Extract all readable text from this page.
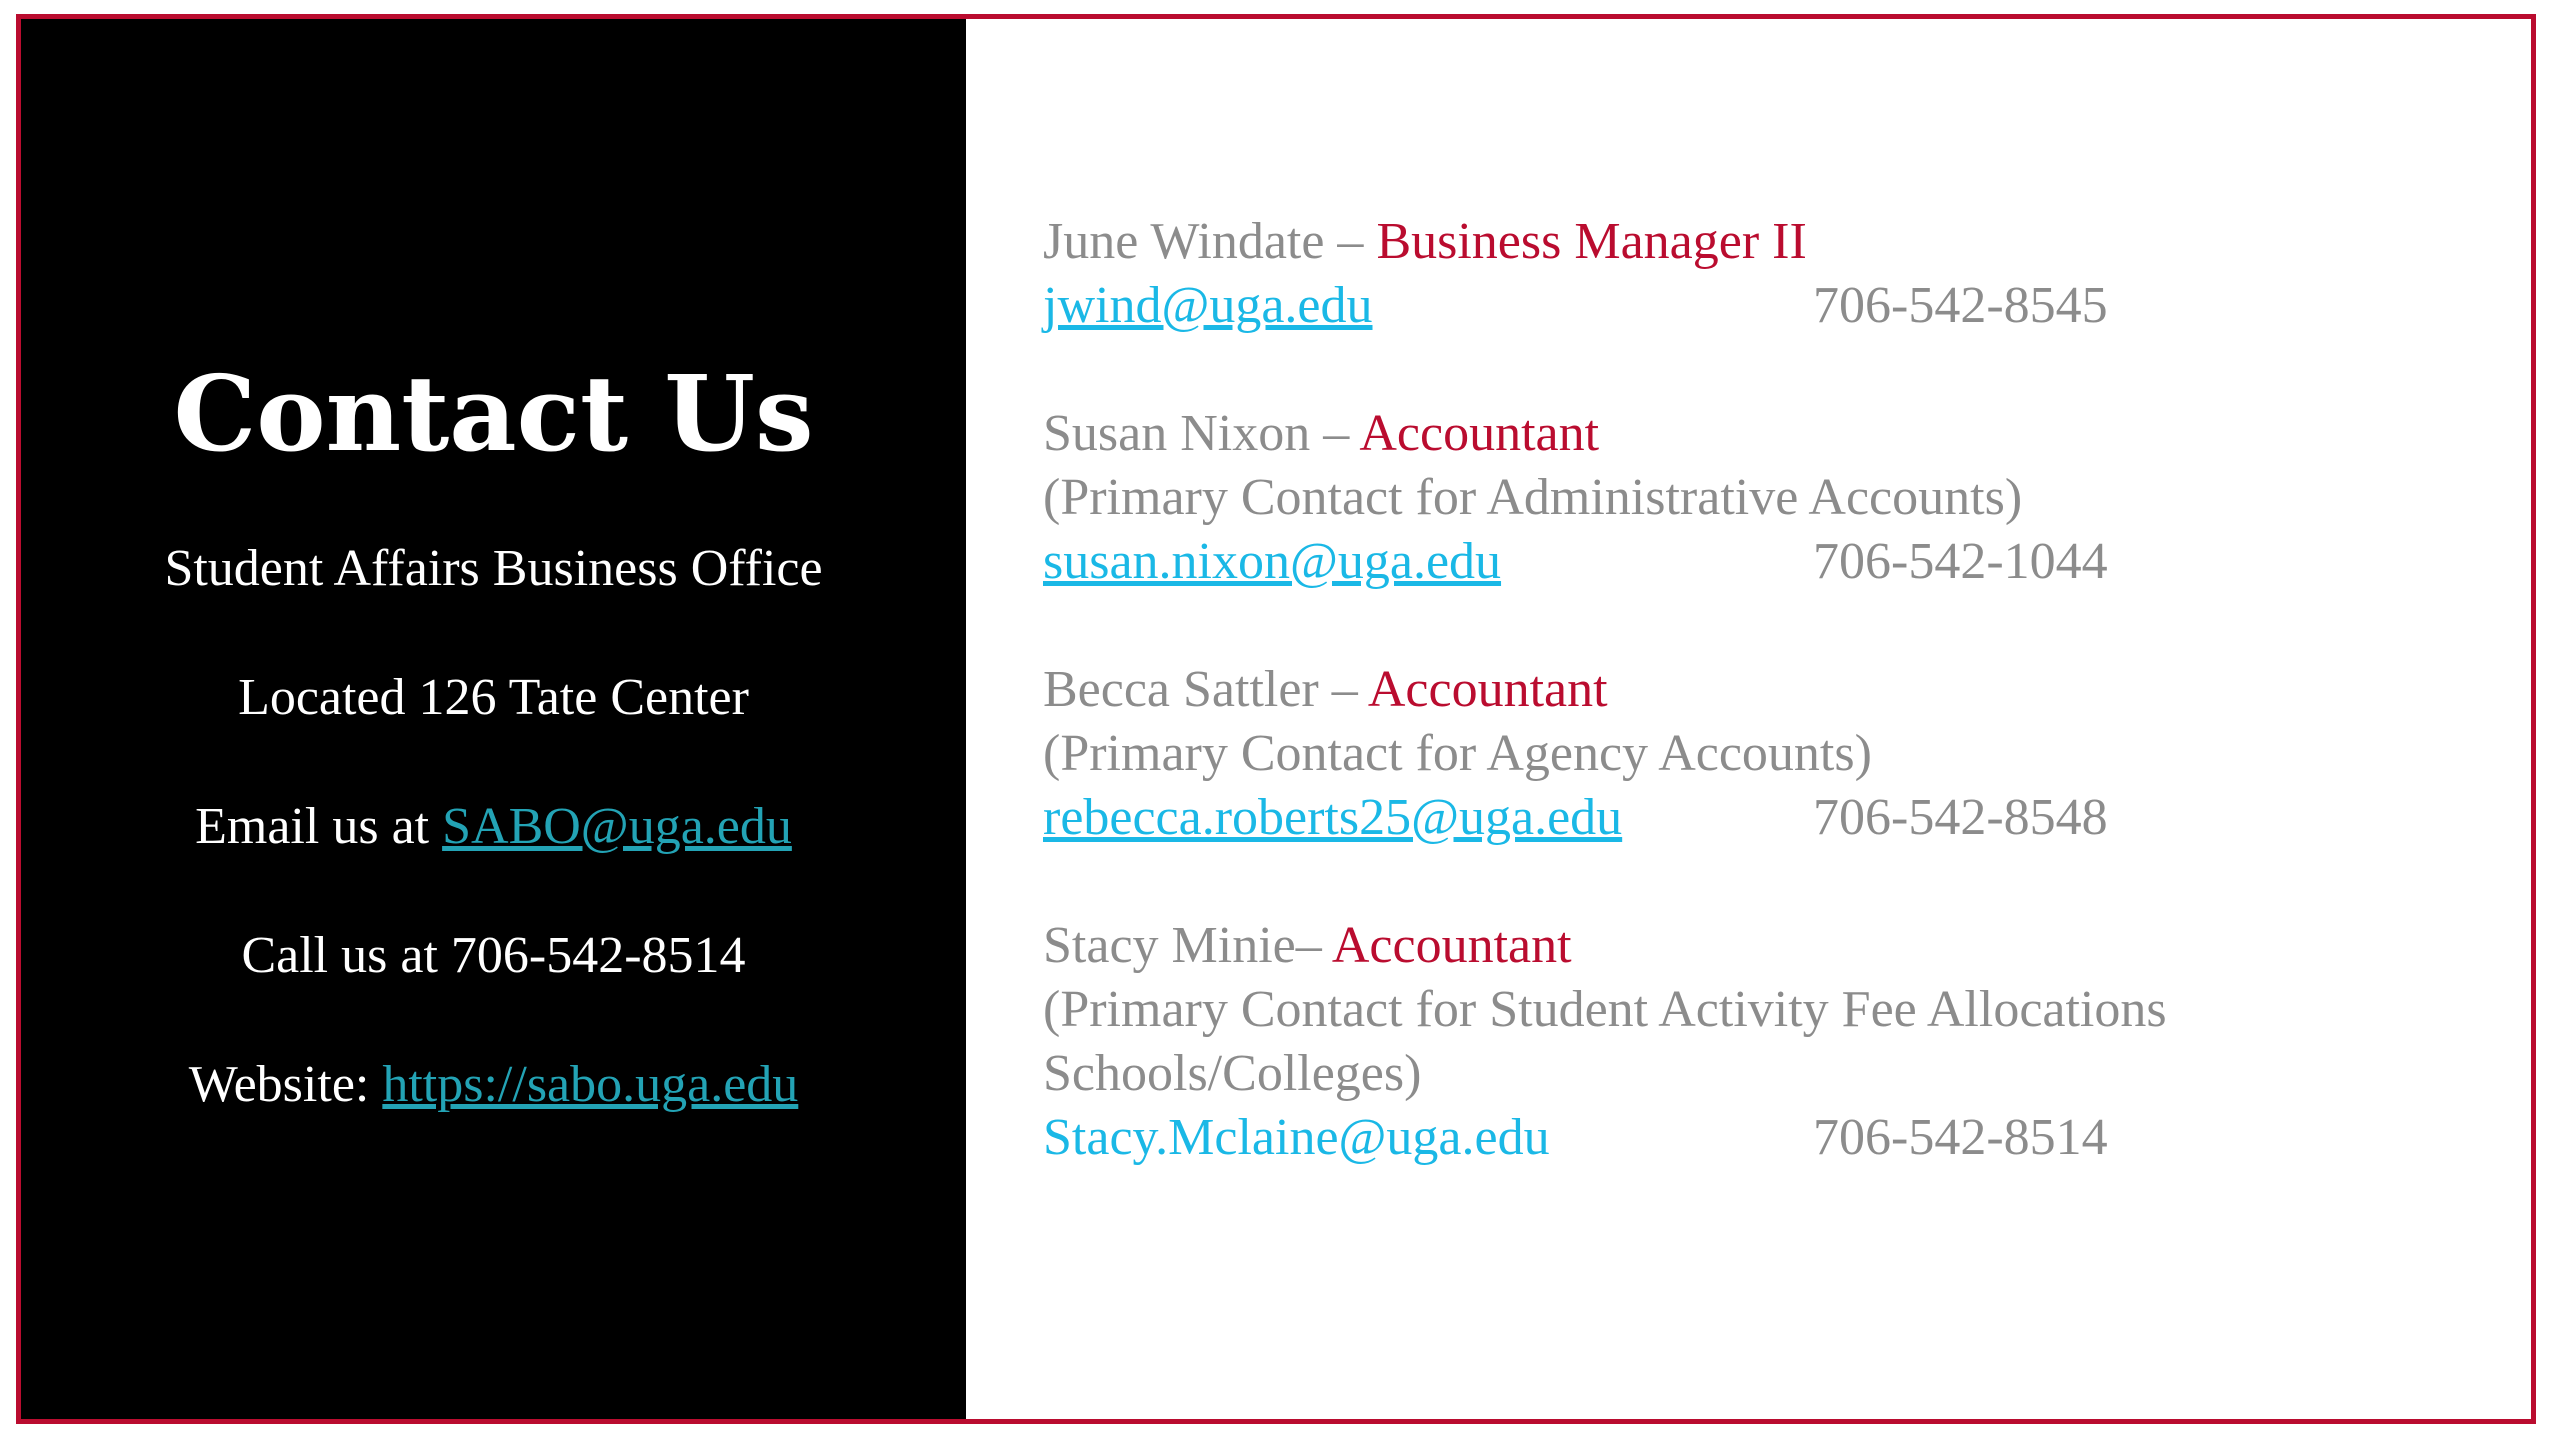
Contact Us
Student Affairs Business Office
Located 126 Tate Center
Email us at SABO@uga.edu
Call us at 706-542-8514
Website: https://sabo.uga.edu
June Windate – Business Manager II
jwind@uga.edu	706-542-8545
Susan Nixon – Accountant
(Primary Contact for Administrative Accounts)
susan.nixon@uga.edu	706-542-1044
Becca Sattler – Accountant
(Primary Contact for Agency Accounts)
rebecca.roberts25@uga.edu	706-542-8548
Stacy Minie– Accountant
(Primary Contact for Student Activity Fee Allocations
Schools/Colleges)
Stacy.Mclaine@uga.edu	706-542-8514
